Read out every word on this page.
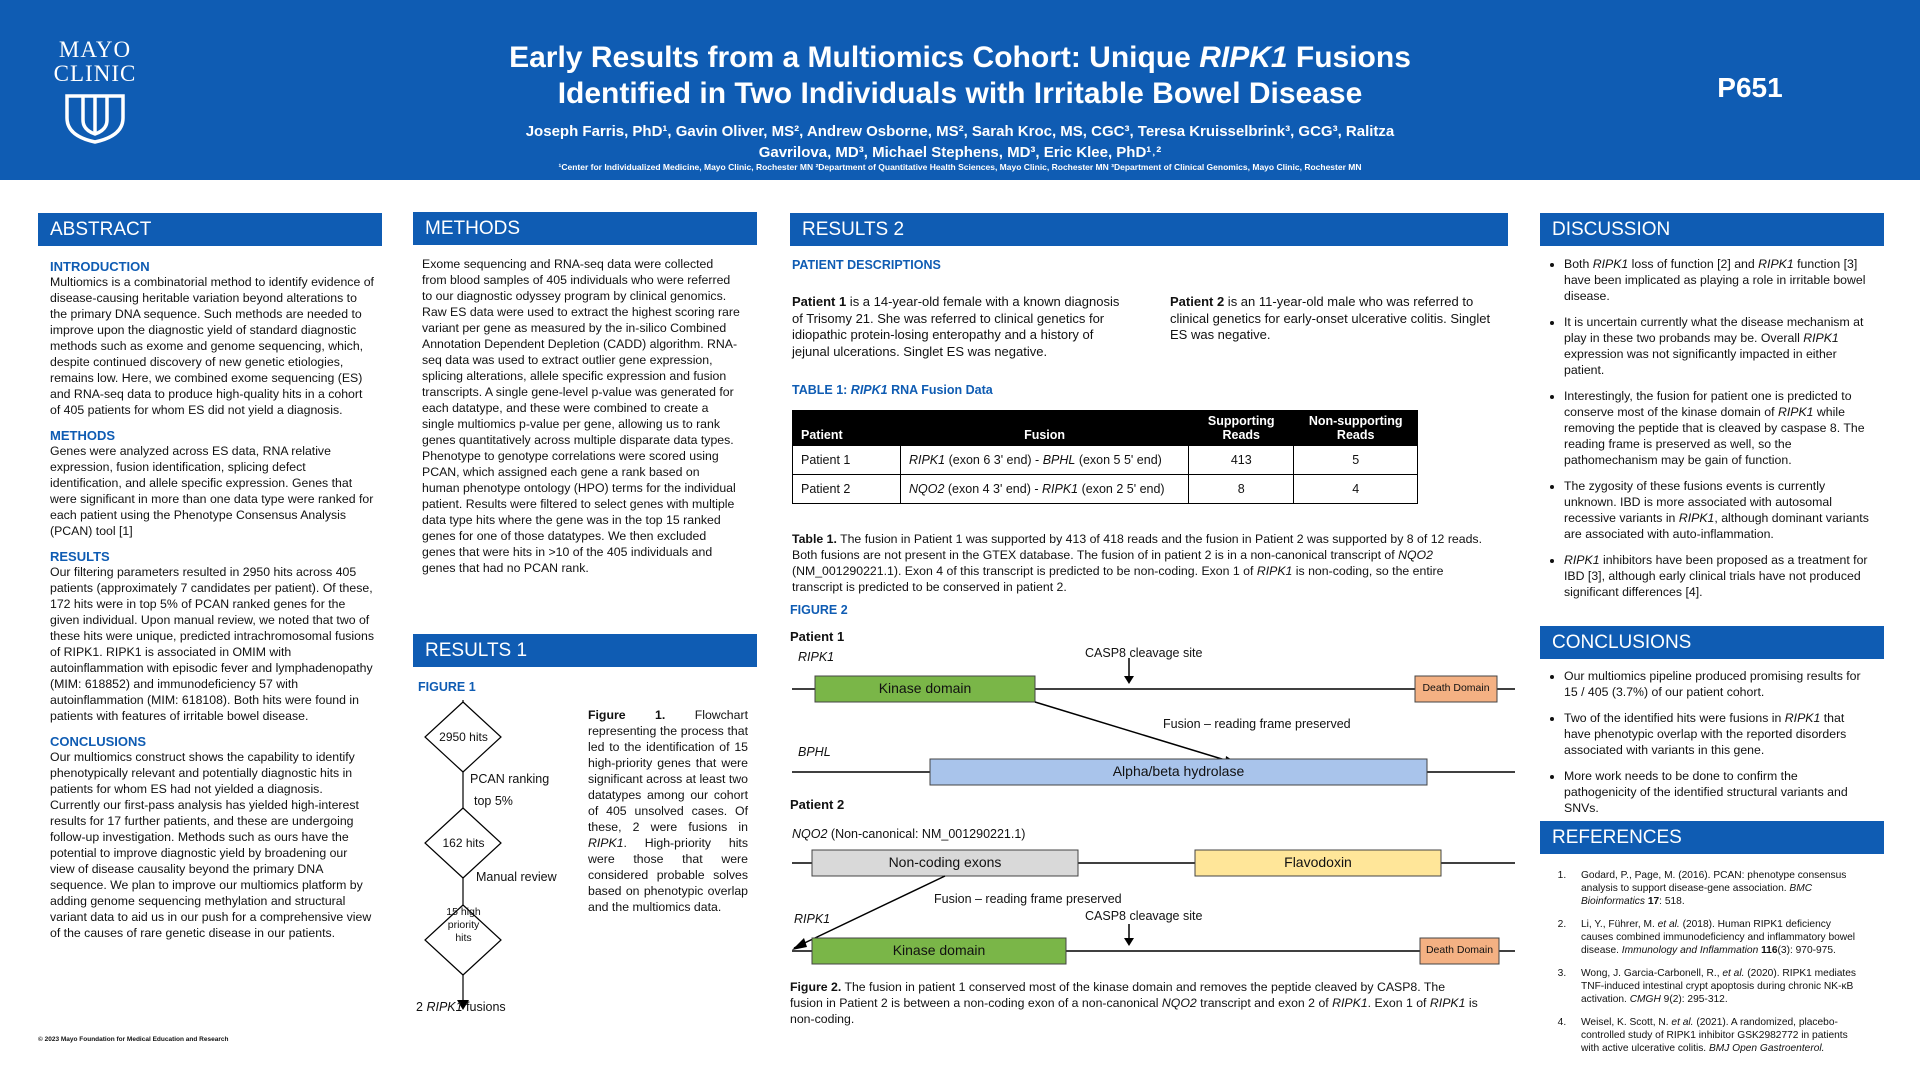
MAYO
CLINIC	Early Results from a Multiomics Cohort: Unique RIPK1 Fusions
Identified in Two Individuals with Irritable Bowel Disease
Joseph Farris, PhD¹, Gavin Oliver, MS², Andrew Osborne, MS², Sarah Kroc, MS, CGC³, Teresa Kruisselbrink³, GCG³, Ralitza
Gavrilova, MD³, Michael Stephens, MD³, Eric Klee, PhD¹˒²
¹Center for Individualized Medicine, Mayo Clinic, Rochester MN ²Department of Quantitative Health Sciences, Mayo Clinic, Rochester MN ³Department of Clinical Genomics, Mayo Clinic, Rochester MN
P651
ABSTRACT
INTRODUCTION
Multiomics is a combinatorial method to identify evidence of disease-causing heritable variation beyond alterations to the primary DNA sequence. Such methods are needed to improve upon the diagnostic yield of standard diagnostic methods such as exome and genome sequencing, which, despite continued discovery of new genetic etiologies, remains low. Here, we combined exome sequencing (ES) and RNA-seq data to produce high-quality hits in a cohort of 405 patients for whom ES did not yield a diagnosis.
METHODS
Genes were analyzed across ES data, RNA relative expression, fusion identification, splicing defect identification, and allele specific expression. Genes that were significant in more than one data type were ranked for each patient using the Phenotype Consensus Analysis (PCAN) tool [1]
RESULTS
Our filtering parameters resulted in 2950 hits across 405 patients (approximately 7 candidates per patient). Of these, 172 hits were in top 5% of PCAN ranked genes for the given individual. Upon manual review, we noted that two of these hits were unique, predicted intrachromosomal fusions of RIPK1. RIPK1 is associated in OMIM with autoinflammation with episodic fever and lymphadenopathy (MIM: 618852) and immunodeficiency 57 with autoinflammation (MIM: 618108). Both hits were found in patients with features of irritable bowel disease.
CONCLUSIONS
Our multiomics construct shows the capability to identify phenotypically relevant and potentially diagnostic hits in patients for whom ES had not yielded a diagnosis. Currently our first-pass analysis has yielded high-interest results for 17 further patients, and these are undergoing follow-up investigation. Methods such as ours have the potential to improve diagnostic yield by broadening our view of disease causality beyond the primary DNA sequence. We plan to improve our multiomics platform by adding genome sequencing methylation and structural variant data to aid us in our push for a comprehensive view of the causes of rare genetic disease in our patients.
METHODS
Exome sequencing and RNA-seq data were collected from blood samples of 405 individuals who were referred to our diagnostic odyssey program by clinical genomics. Raw ES data were used to extract the highest scoring rare variant per gene as measured by the in-silico Combined Annotation Dependent Depletion (CADD) algorithm. RNA-seq data was used to extract outlier gene expression, splicing alterations, allele specific expression and fusion transcripts. A single gene-level p-value was generated for each datatype, and these were combined to create a single multiomics p-value per gene, allowing us to rank genes quantitatively across multiple disparate data types. Phenotype to genotype correlations were scored using PCAN, which assigned each gene a rank based on human phenotype ontology (HPO) terms for the individual patient. Results were filtered to select genes with multiple data type hits where the gene was in the top 15 ranked genes for one of those datatypes. We then excluded genes that were hits in >10 of the 405 individuals and genes that had no PCAN rank.
RESULTS 1
FIGURE 1
2950 hits
PCAN ranking
top 5%
162 hits
Manual review
15 high
priority
hits
2 RIPK1 fusions
Figure 1. Flowchart representing the process that led to the identification of 15 high-priority genes that were significant across at least two datatypes among our cohort of 405 unsolved cases. Of these, 2 were fusions in RIPK1. High-priority hits were those that were considered probable solves based on phenotypic overlap and the multiomics data.
RESULTS 2
PATIENT DESCRIPTIONS
Patient 1 is a 14-year-old female with a known diagnosis of Trisomy 21. She was referred to clinical genetics for idiopathic protein-losing enteropathy and a history of jejunal ulcerations. Singlet ES was negative.
Patient 2 is an 11-year-old male who was referred to clinical genetics for early-onset ulcerative colitis. Singlet ES was negative.
TABLE 1: RIPK1 RNA Fusion Data
Patient	Fusion	Supporting Reads	Non-supporting Reads
Patient 1	RIPK1 (exon 6 3' end) - BPHL (exon 5 5' end)	413	5
Patient 2	NQO2 (exon 4 3' end) - RIPK1 (exon 2 5' end)	8	4
Table 1. The fusion in Patient 1 was supported by 413 of 418 reads and the fusion in Patient 2 was supported by 8 of 12 reads. Both fusions are not present in the GTEX database. The fusion of in patient 2 is in a non-canonical transcript of NQO2 (NM_001290221.1). Exon 4 of this transcript is predicted to be non-coding. Exon 1 of RIPK1 is non-coding, so the entire transcript is predicted to be conserved in patient 2.
FIGURE 2
Patient 1
RIPK1	CASP8 cleavage site
Kinase domain	Death Domain
Fusion – reading frame preserved
BPHL
Alpha/beta hydrolase
Patient 2
NQO2 (Non-canonical: NM_001290221.1)
Non-coding exons	Flavodoxin
Fusion – reading frame preserved
RIPK1	CASP8 cleavage site
Kinase domain	Death Domain
Figure 2. The fusion in patient 1 conserved most of the kinase domain and removes the peptide cleaved by CASP8. The fusion in Patient 2 is between a non-coding exon of a non-canonical NQO2 transcript and exon 2 of RIPK1. Exon 1 of RIPK1 is non-coding.
DISCUSSION
• Both RIPK1 loss of function [2] and RIPK1 function [3] have been implicated as playing a role in irritable bowel disease.
• It is uncertain currently what the disease mechanism at play in these two probands may be. Overall RIPK1 expression was not significantly impacted in either patient.
• Interestingly, the fusion for patient one is predicted to conserve most of the kinase domain of RIPK1 while removing the peptide that is cleaved by caspase 8. The reading frame is preserved as well, so the pathomechanism may be gain of function.
• The zygosity of these fusions events is currently unknown. IBD is more associated with autosomal recessive variants in RIPK1, although dominant variants are associated with auto-inflammation.
• RIPK1 inhibitors have been proposed as a treatment for IBD [3], although early clinical trials have not produced significant differences [4].
CONCLUSIONS
• Our multiomics pipeline produced promising results for 15 / 405 (3.7%) of our patient cohort.
• Two of the identified hits were fusions in RIPK1 that have phenotypic overlap with the reported disorders associated with variants in this gene.
• More work needs to be done to confirm the pathogenicity of the identified structural variants and SNVs.
REFERENCES
1. Godard, P., Page, M. (2016). PCAN: phenotype consensus analysis to support disease-gene association. BMC Bioinformatics 17: 518.
2. Li, Y., Führer, M. et al. (2018). Human RIPK1 deficiency causes combined immunodeficiency and inflammatory bowel disease. Immunology and Inflammation 116(3): 970-975.
3. Wong, J. Garcia-Carbonell, R., et al. (2020). RIPK1 mediates TNF-induced intestinal crypt apoptosis during chronic NK-κB activation. CMGH 9(2): 295-312.
4. Weisel, K. Scott, N. et al. (2021). A randomized, placebo-controlled study of RIPK1 inhibitor GSK2982772 in patients with active ulcerative colitis. BMJ Open Gastroenterol.
© 2023 Mayo Foundation for Medical Education and Research
